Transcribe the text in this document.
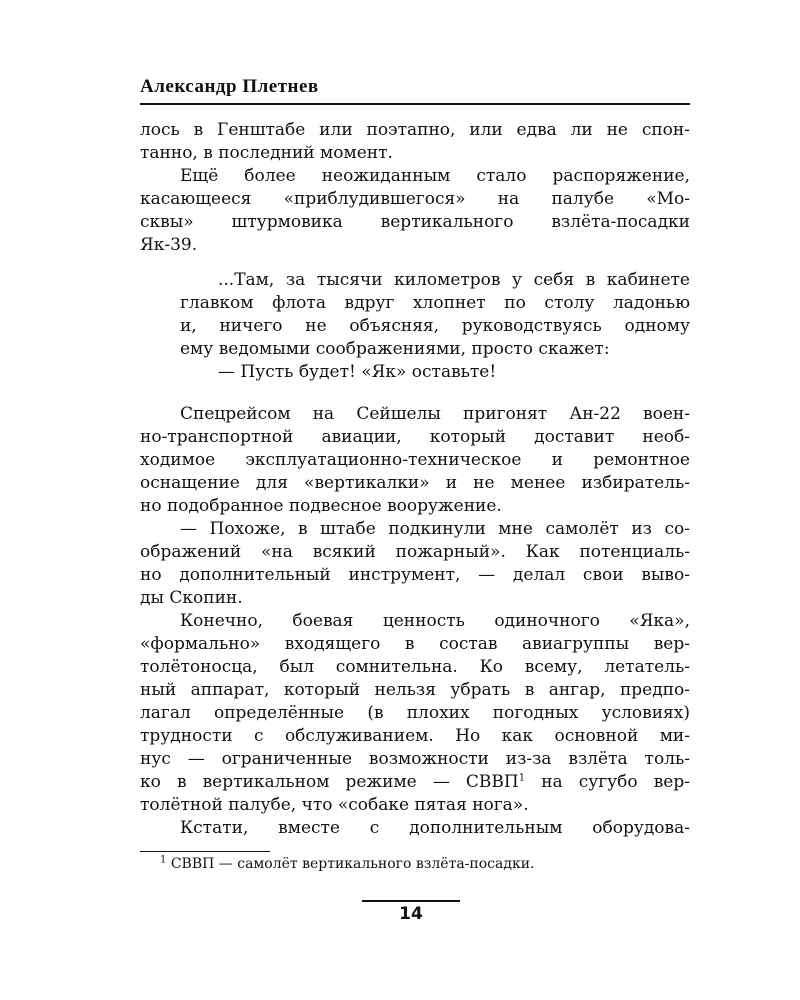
Александр Плетнев
лось в Генштабе или поэтапно, или едва ли не спон-
танно, в последний момент.
Ещё более неожиданным стало распоряжение,
касающееся «приблудившегося» на палубе «Мо-
сквы» штурмовика вертикального взлёта-посадки
Як-39.
...Там, за тысячи километров у себя в кабинете
главком флота вдруг хлопнет по столу ладонью
и, ничего не объясняя, руководствуясь одному
ему ведомыми соображениями, просто скажет:
— Пусть будет! «Як» оставьте!
Спецрейсом на Сейшелы пригонят Ан-22 воен-
но-транспортной авиации, который доставит необ-
ходимое эксплуатационно-техническое и ремонтное
оснащение для «вертикалки» и не менее избиратель-
но подобранное подвесное вооружение.
— Похоже, в штабе подкинули мне самолёт из со-
ображений «на всякий пожарный». Как потенциаль-
но дополнительный инструмент, — делал свои выво-
ды Скопин.
Конечно, боевая ценность одиночного «Яка»,
«формально» входящего в состав авиагруппы вер-
толётоносца, был сомнительна. Ко всему, летатель-
ный аппарат, который нельзя убрать в ангар, предпо-
лагал определённые (в плохих погодных условиях)
трудности с обслуживанием. Но как основной ми-
нус — ограниченные возможности из-за взлёта толь-
ко в вертикальном режиме — СВВП$^1$ на сугубо вер-
толётной палубе, что «собаке пятая нога».
Кстати, вместе с дополнительным оборудова-
$^1$ СВВП — самолёт вертикального взлёта-посадки.
14
